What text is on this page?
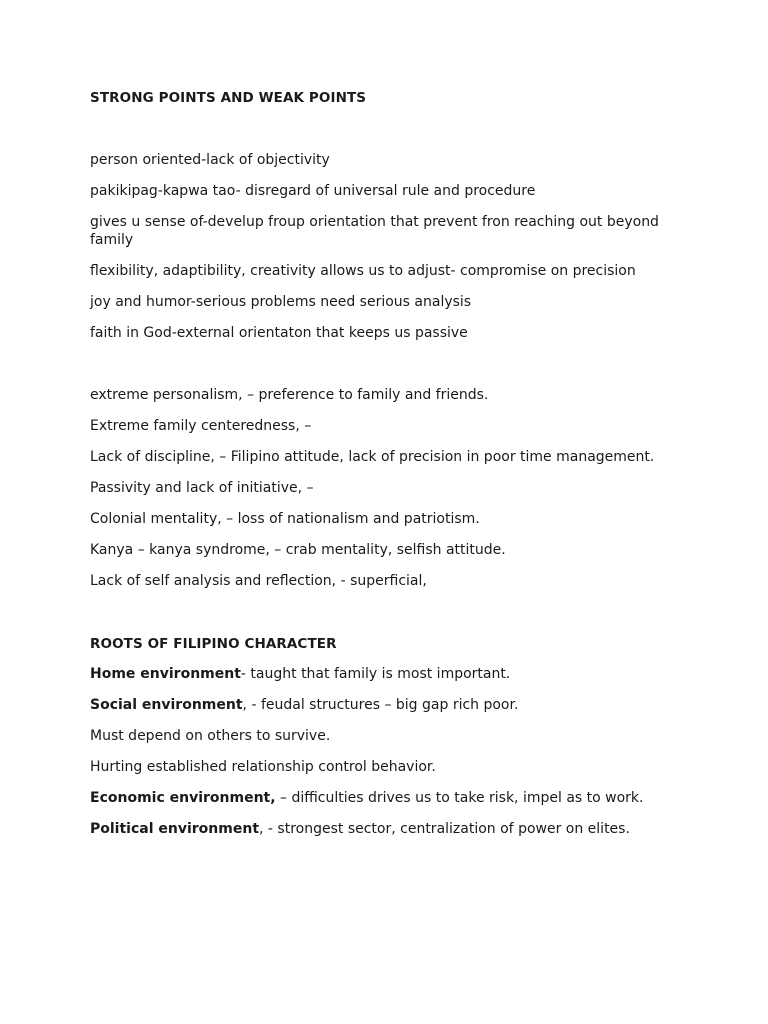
STRONG POINTS AND WEAK POINTS
person oriented-lack of objectivity
pakikipag-kapwa tao- disregard of universal rule and procedure
gives u sense of-develup froup orientation that prevent fron reaching out beyond family
flexibility, adaptibility, creativity allows us to adjust- compromise on precision
joy and humor-serious problems need serious analysis
faith in God-external orientaton that keeps us passive
extreme personalism, – preference to family and friends.
Extreme family centeredness, –
Lack of discipline, – Filipino attitude, lack of precision in poor time management.
Passivity and lack of initiative, –
Colonial mentality, – loss of nationalism and patriotism.
Kanya – kanya syndrome, – crab mentality, selfish attitude.
Lack of self analysis and reflection, - superficial,
ROOTS OF FILIPINO CHARACTER
Home environment- taught that family is most important.
Social environment, - feudal structures – big gap rich poor.
Must depend on others to survive.
Hurting established relationship control behavior.
Economic environment, – difficulties drives us to take risk, impel as to work.
Political environment, - strongest sector, centralization of power on elites.
